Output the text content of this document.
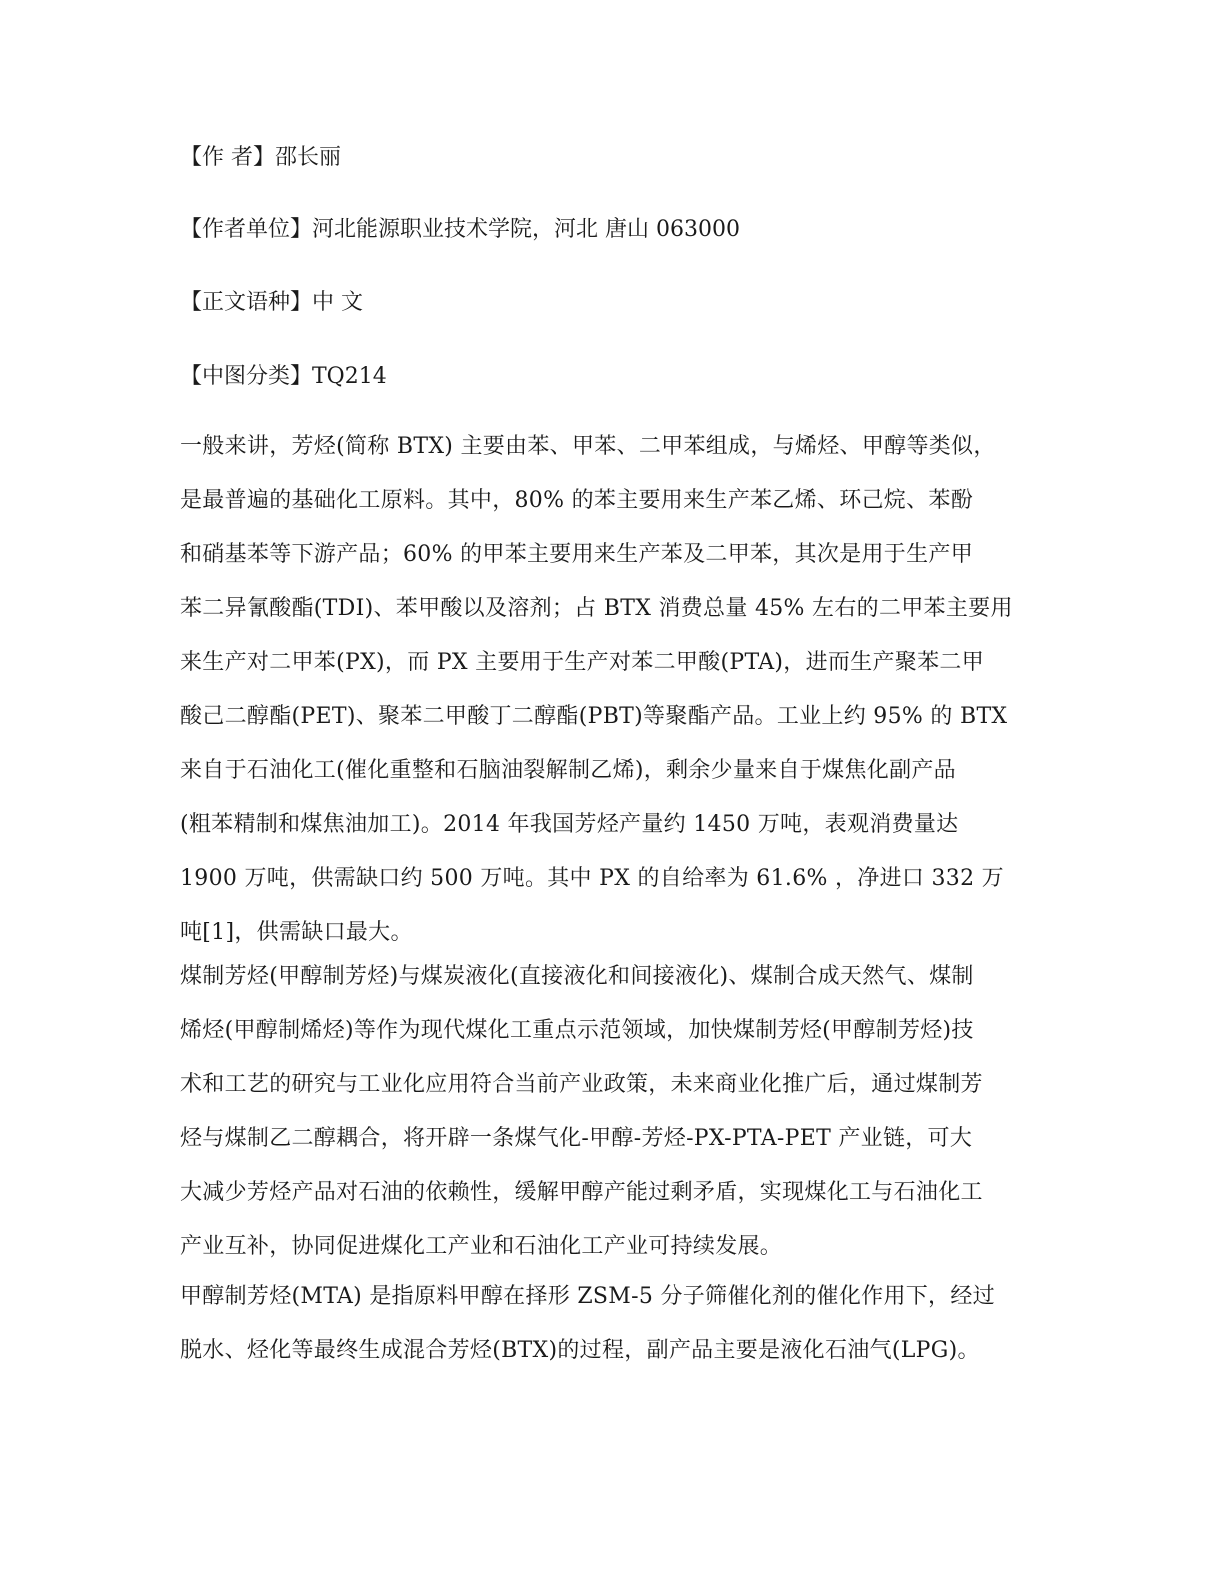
【作 者】邵长丽
【作者单位】河北能源职业技术学院，河北 唐山 063000
【正文语种】中 文
【中图分类】TQ214
一般来讲，芳烃(简称 BTX) 主要由苯、甲苯、二甲苯组成，与烯烃、甲醇等类似，
是最普遍的基础化工原料。其中，80% 的苯主要用来生产苯乙烯、环己烷、苯酚
和硝基苯等下游产品；60% 的甲苯主要用来生产苯及二甲苯，其次是用于生产甲
苯二异氰酸酯(TDI)、苯甲酸以及溶剂；占 BTX 消费总量 45% 左右的二甲苯主要用
来生产对二甲苯(PX)，而 PX 主要用于生产对苯二甲酸(PTA)，进而生产聚苯二甲
酸己二醇酯(PET)、聚苯二甲酸丁二醇酯(PBT)等聚酯产品。工业上约 95% 的 BTX
来自于石油化工(催化重整和石脑油裂解制乙烯)，剩余少量来自于煤焦化副产品
(粗苯精制和煤焦油加工)。2014 年我国芳烃产量约 1450 万吨，表观消费量达
1900 万吨，供需缺口约 500 万吨。其中 PX 的自给率为 61.6% ，净进口 332 万
吨[1]，供需缺口最大。
煤制芳烃(甲醇制芳烃)与煤炭液化(直接液化和间接液化)、煤制合成天然气、煤制
烯烃(甲醇制烯烃)等作为现代煤化工重点示范领域，加快煤制芳烃(甲醇制芳烃)技
术和工艺的研究与工业化应用符合当前产业政策，未来商业化推广后，通过煤制芳
烃与煤制乙二醇耦合，将开辟一条煤气化-甲醇-芳烃-PX-PTA-PET 产业链，可大
大减少芳烃产品对石油的依赖性，缓解甲醇产能过剩矛盾，实现煤化工与石油化工
产业互补，协同促进煤化工产业和石油化工产业可持续发展。
甲醇制芳烃(MTA) 是指原料甲醇在择形 ZSM-5 分子筛催化剂的催化作用下，经过
脱水、烃化等最终生成混合芳烃(BTX)的过程，副产品主要是液化石油气(LPG)。
